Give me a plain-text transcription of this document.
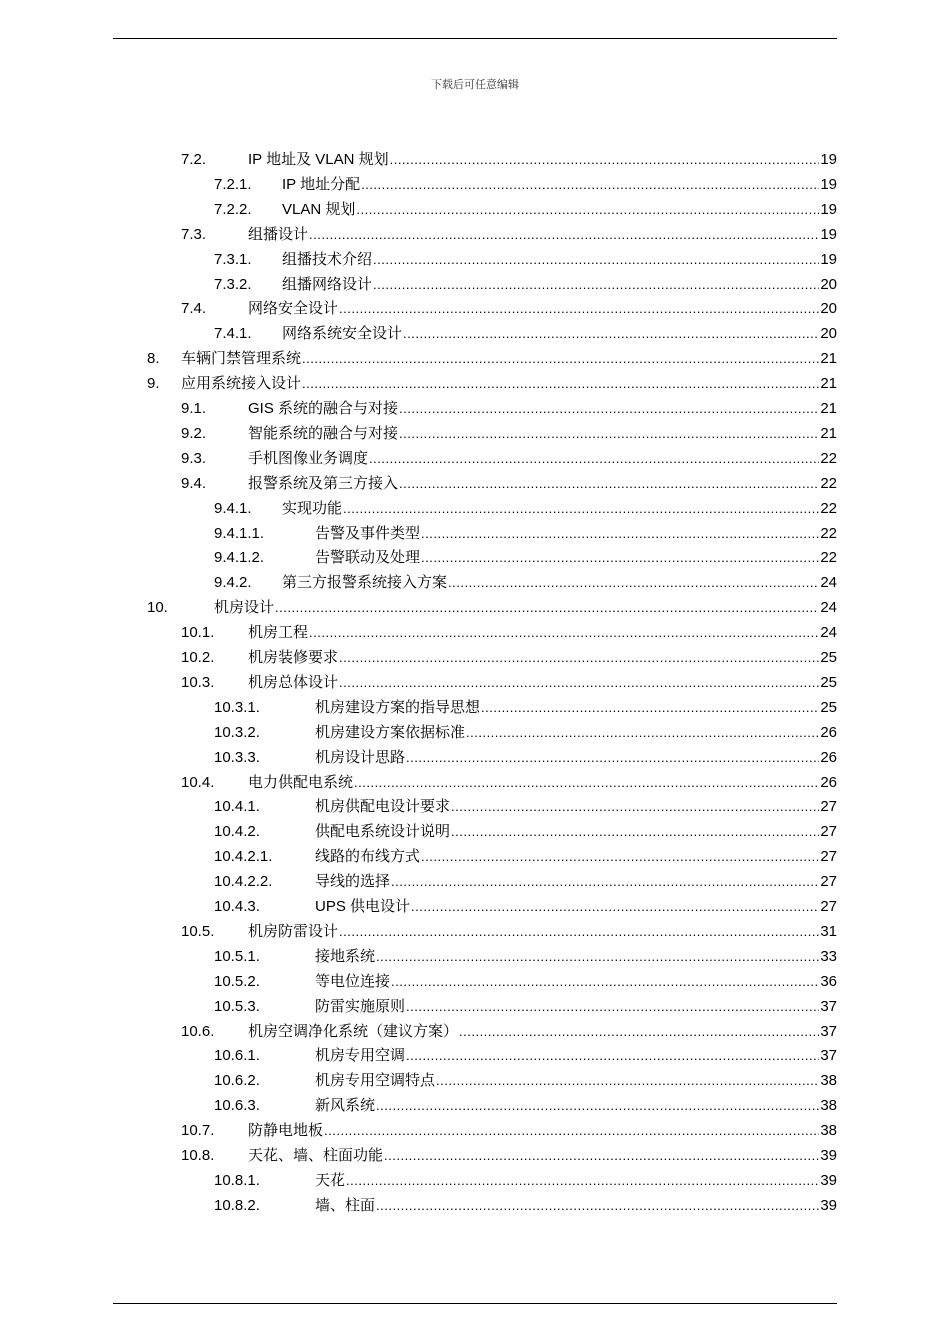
下载后可任意编辑
7.2.	IP 地址及 VLAN 规划 .....	19
7.2.1.	IP 地址分配 .....	19
7.2.2.	VLAN 规划 .....	19
7.3.	组播设计 .....	19
7.3.1.	组播技术介绍 .....	19
7.3.2.	组播网络设计 .....	20
7.4.	网络安全设计 .....	20
7.4.1.	网络系统安全设计 .....	20
8.	车辆门禁管理系统 .....	21
9.	应用系统接入设计 .....	21
9.1.	GIS 系统的融合与对接 .....	21
9.2.	智能系统的融合与对接 .....	21
9.3.	手机图像业务调度 .....	22
9.4.	报警系统及第三方接入 .....	22
9.4.1.	实现功能 .....	22
9.4.1.1.	告警及事件类型 .....	22
9.4.1.2.	告警联动及处理 .....	22
9.4.2.	第三方报警系统接入方案 .....	24
10.	机房设计 .....	24
10.1.	机房工程 .....	24
10.2.	机房装修要求 .....	25
10.3.	机房总体设计 .....	25
10.3.1.	机房建设方案的指导思想 .....	25
10.3.2.	机房建设方案依据标准 .....	26
10.3.3.	机房设计思路 .....	26
10.4.	电力供配电系统 .....	26
10.4.1.	机房供配电设计要求 .....	27
10.4.2.	供配电系统设计说明 .....	27
10.4.2.1.	线路的布线方式 .....	27
10.4.2.2.	导线的选择 .....	27
10.4.3.	UPS 供电设计 .....	27
10.5.	机房防雷设计 .....	31
10.5.1.	接地系统 .....	33
10.5.2.	等电位连接 .....	36
10.5.3.	防雷实施原则 .....	37
10.6.	机房空调净化系统（建议方案） .....	37
10.6.1.	机房专用空调 .....	37
10.6.2.	机房专用空调特点 .....	38
10.6.3.	新风系统 .....	38
10.7.	防静电地板 .....	38
10.8.	天花、墙、柱面功能 .....	39
10.8.1.	天花 .....	39
10.8.2.	墙、柱面 .....	39
